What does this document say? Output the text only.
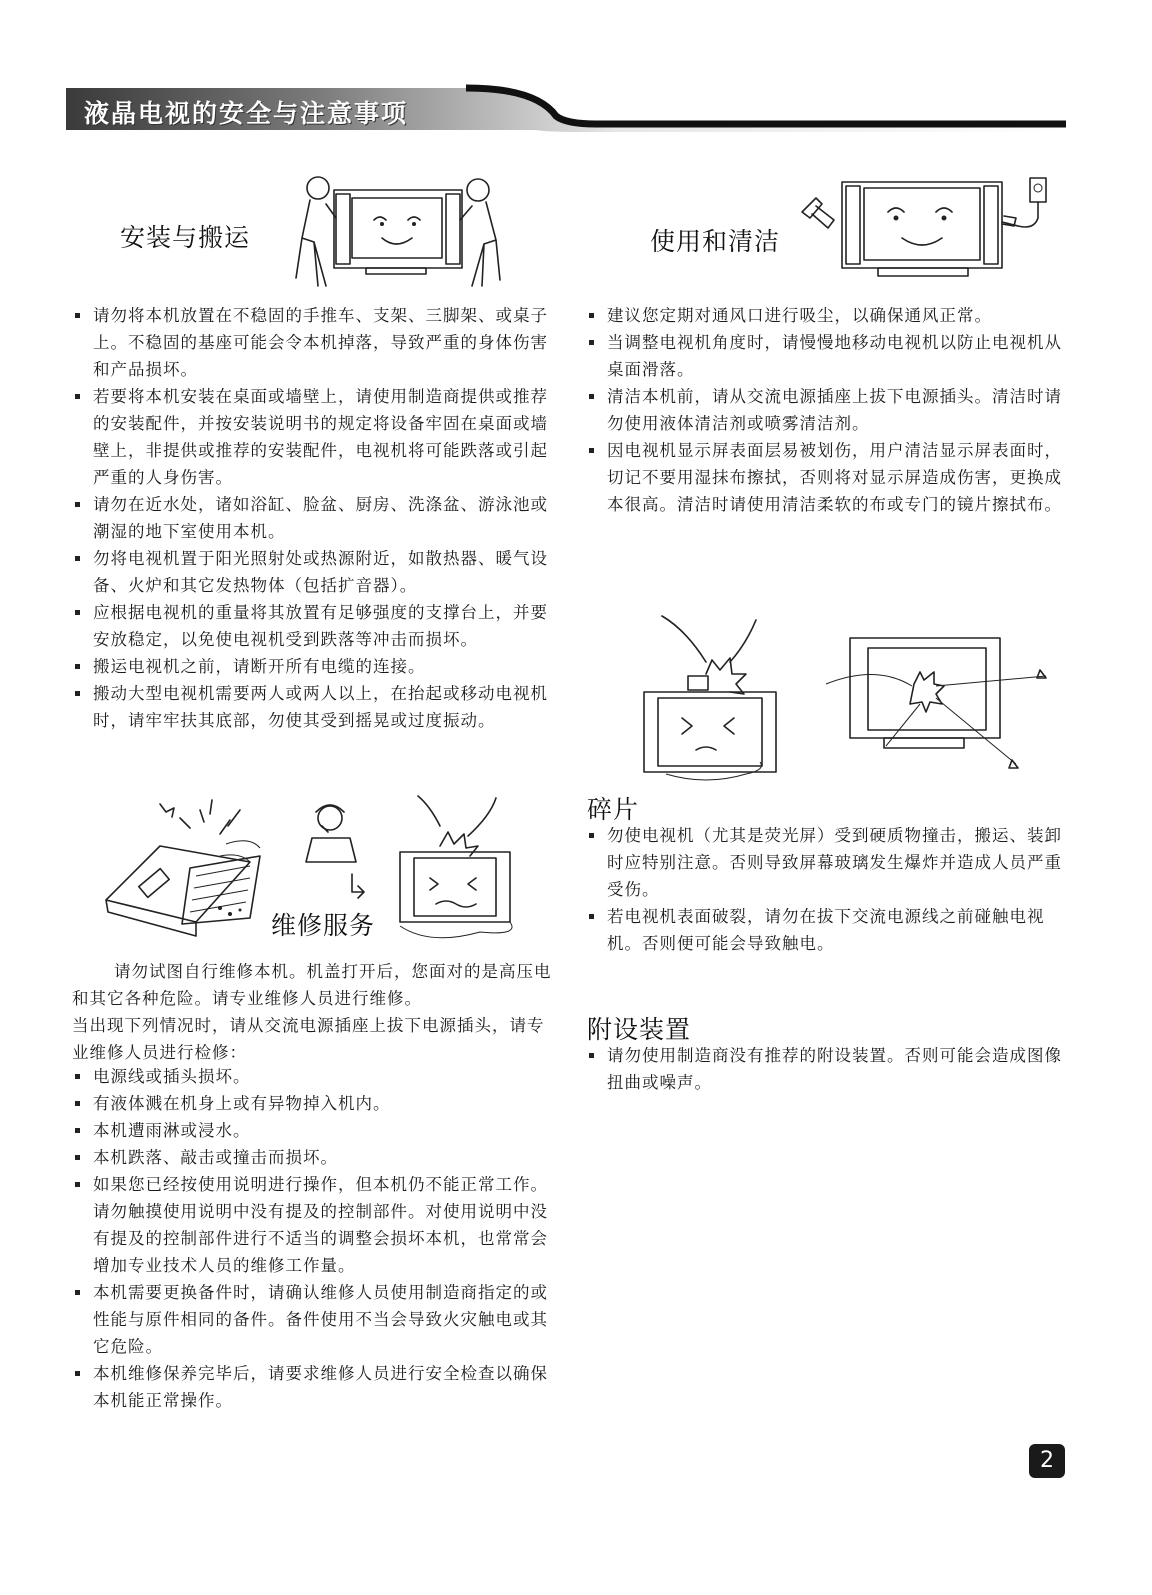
液晶电视的安全与注意事项
安装与搬运
请勿将本机放置在不稳固的手推车、支架、三脚架、或桌子上。不稳固的基座可能会令本机掉落，导致严重的身体伤害和产品损坏。
若要将本机安装在桌面或墙壁上，请使用制造商提供或推荐的安装配件，并按安装说明书的规定将设备牢固在桌面或墙壁上，非提供或推荐的安装配件，电视机将可能跌落或引起严重的人身伤害。
请勿在近水处，诸如浴缸、脸盆、厨房、洗涤盆、游泳池或潮湿的地下室使用本机。
勿将电视机置于阳光照射处或热源附近，如散热器、暖气设备、火炉和其它发热物体（包括扩音器）。
应根据电视机的重量将其放置有足够强度的支撑台上，并要安放稳定，以免使电视机受到跌落等冲击而损坏。
搬运电视机之前，请断开所有电缆的连接。
搬动大型电视机需要两人或两人以上，在抬起或移动电视机时，请牢牢扶其底部，勿使其受到摇晃或过度振动。
使用和清洁
建议您定期对通风口进行吸尘，以确保通风正常。
当调整电视机角度时，请慢慢地移动电视机以防止电视机从桌面滑落。
清洁本机前，请从交流电源插座上拔下电源插头。清洁时请勿使用液体清洁剂或喷雾清洁剂。
因电视机显示屏表面层易被划伤，用户清洁显示屏表面时，切记不要用湿抹布擦拭，否则将对显示屏造成伤害，更换成本很高。清洁时请使用清洁柔软的布或专门的镜片擦拭布。
维修服务

请勿试图自行维修本机。机盖打开后，您面对的是高压电和其它各种危险。请专业维修人员进行维修。

当出现下列情况时，请从交流电源插座上拔下电源插头，请专业维修人员进行检修：

电源线或插头损坏。
有液体溅在机身上或有异物掉入机内。
本机遭雨淋或浸水。
本机跌落、敲击或撞击而损坏。
如果您已经按使用说明进行操作，但本机仍不能正常工作。请勿触摸使用说明中没有提及的控制部件。对使用说明中没有提及的控制部件进行不适当的调整会损坏本机，也常常会增加专业技术人员的维修工作量。
本机需要更换备件时，请确认维修人员使用制造商指定的或性能与原件相同的备件。备件使用不当会导致火灾触电或其它危险。
本机维修保养完毕后，请要求维修人员进行安全检查以确保本机能正常操作。
碎片
勿使电视机（尤其是荧光屏）受到硬质物撞击，搬运、装卸时应特别注意。否则导致屏幕玻璃发生爆炸并造成人员严重受伤。
若电视机表面破裂，请勿在拔下交流电源线之前碰触电视机。否则便可能会导致触电。
附设装置
请勿使用制造商没有推荐的附设装置。否则可能会造成图像扭曲或噪声。
2
